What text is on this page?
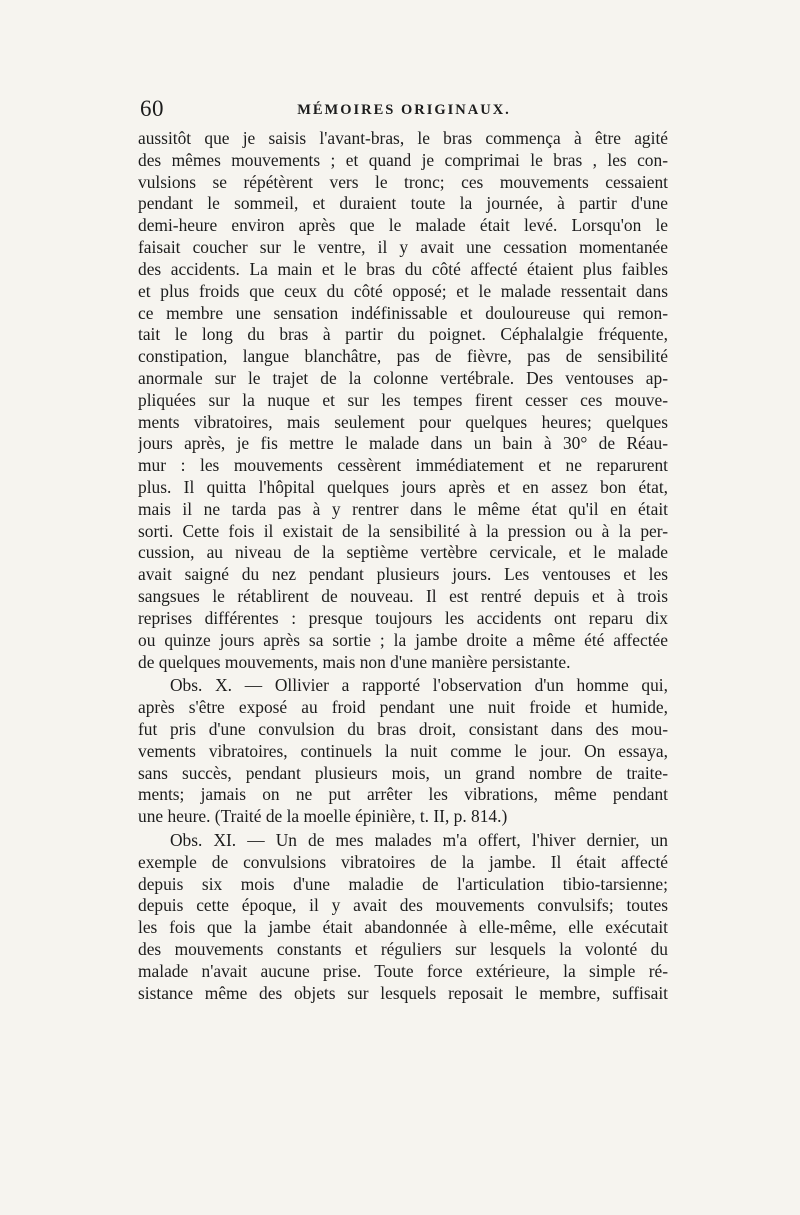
60	MÉMOIRES ORIGINAUX.
aussitôt que je saisis l'avant-bras, le bras commença à être agité
des mêmes mouvements ; et quand je comprimai le bras , les con-
vulsions se répétèrent vers le tronc; ces mouvements cessaient
pendant le sommeil, et duraient toute la journée, à partir d'une
demi-heure environ après que le malade était levé. Lorsqu'on le
faisait coucher sur le ventre, il y avait une cessation momentanée
des accidents. La main et le bras du côté affecté étaient plus faibles
et plus froids que ceux du côté opposé; et le malade ressentait dans
ce membre une sensation indéfinissable et douloureuse qui remon-
tait le long du bras à partir du poignet. Céphalalgie fréquente,
constipation, langue blanchâtre, pas de fièvre, pas de sensibilité
anormale sur le trajet de la colonne vertébrale. Des ventouses ap-
pliquées sur la nuque et sur les tempes firent cesser ces mouve-
ments vibratoires, mais seulement pour quelques heures; quelques
jours après, je fis mettre le malade dans un bain à 30° de Réau-
mur : les mouvements cessèrent immédiatement et ne reparurent
plus. Il quitta l'hôpital quelques jours après et en assez bon état,
mais il ne tarda pas à y rentrer dans le même état qu'il en était
sorti. Cette fois il existait de la sensibilité à la pression ou à la per-
cussion, au niveau de la septième vertèbre cervicale, et le malade
avait saigné du nez pendant plusieurs jours. Les ventouses et les
sangsues le rétablirent de nouveau. Il est rentré depuis et à trois
reprises différentes : presque toujours les accidents ont reparu dix
ou quinze jours après sa sortie ; la jambe droite a même été affectée
de quelques mouvements, mais non d'une manière persistante.
Obs. X. — Ollivier a rapporté l'observation d'un homme qui,
après s'être exposé au froid pendant une nuit froide et humide,
fut pris d'une convulsion du bras droit, consistant dans des mou-
vements vibratoires, continuels la nuit comme le jour. On essaya,
sans succès, pendant plusieurs mois, un grand nombre de traite-
ments; jamais on ne put arrêter les vibrations, même pendant
une heure. (Traité de la moelle épinière, t. II, p. 814.)
Obs. XI. — Un de mes malades m'a offert, l'hiver dernier, un
exemple de convulsions vibratoires de la jambe. Il était affecté
depuis six mois d'une maladie de l'articulation tibio-tarsienne;
depuis cette époque, il y avait des mouvements convulsifs; toutes
les fois que la jambe était abandonnée à elle-même, elle exécutait
des mouvements constants et réguliers sur lesquels la volonté du
malade n'avait aucune prise. Toute force extérieure, la simple ré-
sistance même des objets sur lesquels reposait le membre, suffisait
